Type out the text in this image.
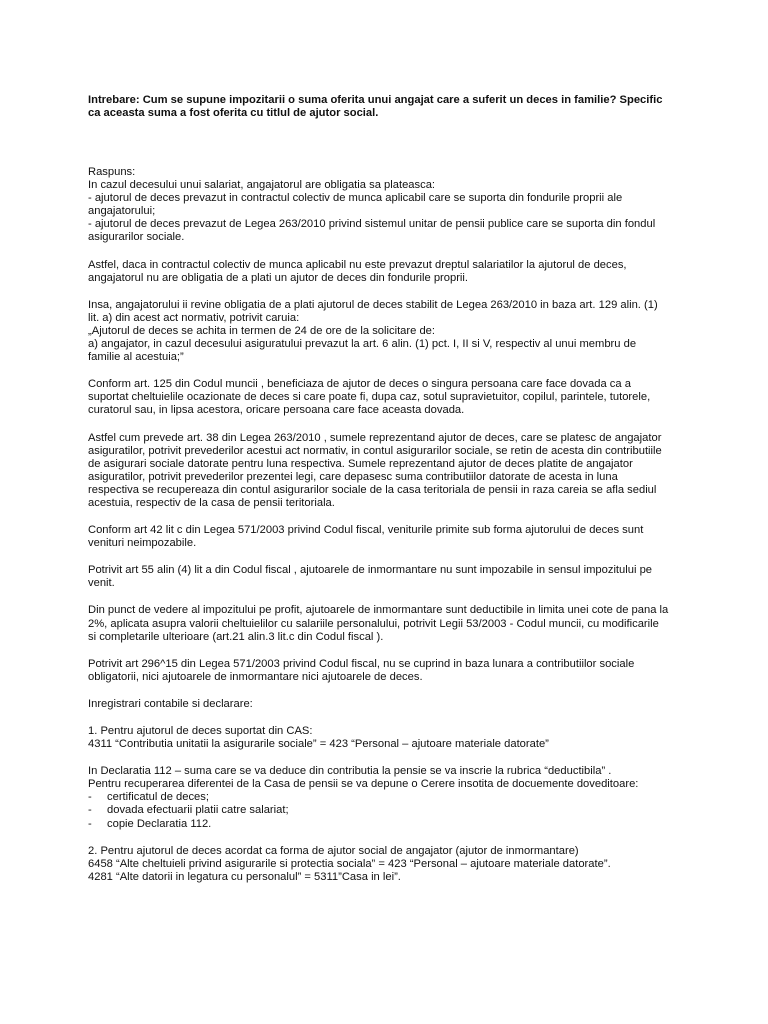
Intrebare: Cum se supune impozitarii o suma oferita unui angajat care a suferit un deces in familie? Specific
ca aceasta suma a fost oferita cu titlul de ajutor social.

Raspuns:
In cazul decesului unui salariat, angajatorul are obligatia sa plateasca:
- ajutorul de deces prevazut in contractul colectiv de munca aplicabil care se suporta din fondurile proprii ale
angajatorului;
- ajutorul de deces prevazut de Legea 263/2010 privind sistemul unitar de pensii publice care se suporta din fondul
asigurarilor sociale.

Astfel, daca in contractul colectiv de munca aplicabil nu este prevazut dreptul salariatilor la ajutorul de deces,
angajatorul nu are obligatia de a plati un ajutor de deces din fondurile proprii.

Insa, angajatorului ii revine obligatia de a plati ajutorul de deces stabilit de Legea 263/2010 in baza art. 129 alin. (1)
lit. a) din acest act normativ, potrivit caruia:
„Ajutorul de deces se achita in termen de 24 de ore de la solicitare de:
a) angajator, in cazul decesului asiguratului prevazut la art. 6 alin. (1) pct. I, II si V, respectiv al unui membru de
familie al acestuia;”

Conform art. 125 din Codul muncii , beneficiaza de ajutor de deces o singura persoana care face dovada ca a
suportat cheltuielile ocazionate de deces si care poate fi, dupa caz, sotul supravietuitor, copilul, parintele, tutorele,
curatorul sau, in lipsa acestora, oricare persoana care face aceasta dovada.

Astfel cum prevede art. 38 din Legea 263/2010 , sumele reprezentand ajutor de deces, care se platesc de angajator
asiguratilor, potrivit prevederilor acestui act normativ, in contul asigurarilor sociale, se retin de acesta din contributiile
de asigurari sociale datorate pentru luna respectiva. Sumele reprezentand ajutor de deces platite de angajator
asiguratilor, potrivit prevederilor prezentei legi, care depasesc suma contributiilor datorate de acesta in luna
respectiva se recupereaza din contul asigurarilor sociale de la casa teritoriala de pensii in raza careia se afla sediul
acestuia, respectiv de la casa de pensii teritoriala.

Conform art 42 lit c din Legea 571/2003 privind Codul fiscal, veniturile primite sub forma ajutorului de deces sunt
venituri neimpozabile.

Potrivit art 55 alin (4) lit a din Codul fiscal , ajutoarele de inmormantare nu sunt impozabile in sensul impozitului pe
venit.

Din punct de vedere al impozitului pe profit, ajutoarele de inmormantare sunt deductibile in limita unei cote de pana la
2%, aplicata asupra valorii cheltuielilor cu salariile personalului, potrivit Legii 53/2003 - Codul muncii, cu modificarile
si completarile ulterioare (art.21 alin.3 lit.c din Codul fiscal ).

Potrivit art 296^15 din Legea 571/2003 privind Codul fiscal, nu se cuprind in baza lunara a contributiilor sociale
obligatorii, nici ajutoarele de inmormantare nici ajutoarele de deces.

Inregistrari contabile si declarare:

1. Pentru ajutorul de deces suportat din CAS:
4311 “Contributia unitatii la asigurarile sociale” = 423 “Personal – ajutoare materiale datorate”

In Declaratia 112 – suma care se va deduce din contributia la pensie se va inscrie la rubrica “deductibila” .
Pentru recuperarea diferentei de la Casa de pensii se va depune o Cerere insotita de docuemente doveditoare:
- certificatul de deces;
- dovada efectuarii platii catre salariat;
- copie Declaratia 112.

2. Pentru ajutorul de deces acordat ca forma de ajutor social de angajator (ajutor de inmormantare)
6458 “Alte cheltuieli privind asigurarile si protectia sociala” = 423 “Personal – ajutoare materiale datorate”.
4281 “Alte datorii in legatura cu personalul” = 5311”Casa in lei”.
